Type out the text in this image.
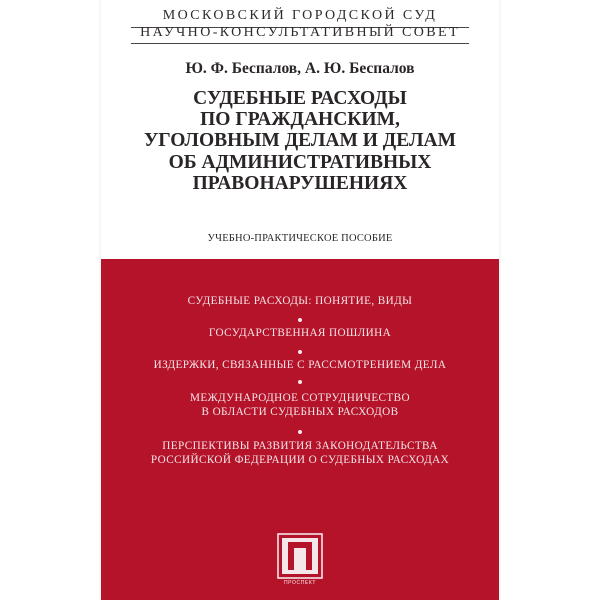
МОСКОВСКИЙ ГОРОДСКОЙ СУД
НАУЧНО-КОНСУЛЬТАТИВНЫЙ СОВЕТ
Ю. Ф. Беспалов, А. Ю. Беспалов
СУДЕБНЫЕ РАСХОДЫ
ПО ГРАЖДАНСКИМ,
УГОЛОВНЫМ ДЕЛАМ И ДЕЛАМ
ОБ АДМИНИСТРАТИВНЫХ
ПРАВОНАРУШЕНИЯХ
УЧЕБНО-ПРАКТИЧЕСКОЕ ПОСОБИЕ
СУДЕБНЫЕ РАСХОДЫ: ПОНЯТИЕ, ВИДЫ
ГОСУДАРСТВЕННАЯ ПОШЛИНА
ИЗДЕРЖКИ, СВЯЗАННЫЕ С РАССМОТРЕНИЕМ ДЕЛА
МЕЖДУНАРОДНОЕ СОТРУДНИЧЕСТВО
В ОБЛАСТИ СУДЕБНЫХ РАСХОДОВ
ПЕРСПЕКТИВЫ РАЗВИТИЯ ЗАКОНОДАТЕЛЬСТВА
РОССИЙСКОЙ ФЕДЕРАЦИИ О СУДЕБНЫХ РАСХОДАХ
ПРОСПЕКТ
